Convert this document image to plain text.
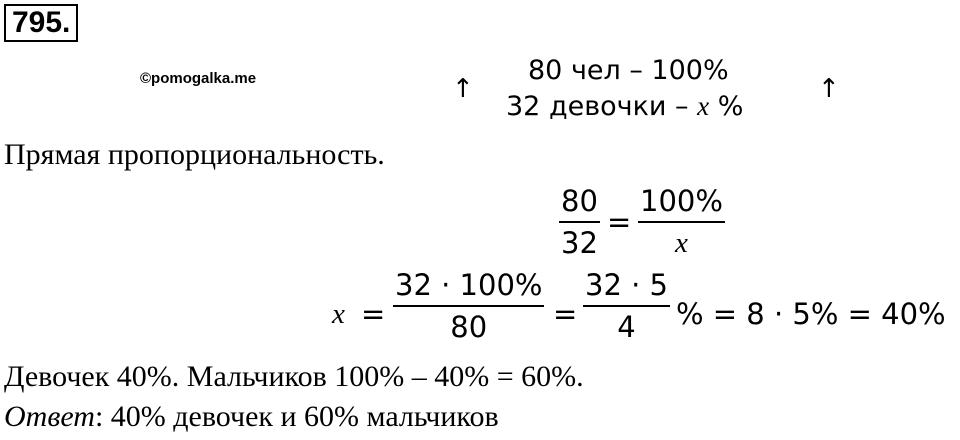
795.
©pomogalka.me	↑	↑
80 чел – 100%
32 девочки – x %
Прямая пропорциональность.
80
32
=
100%
x
x =
32 · 100%
80 =
32 · 5
4 % = 8 · 5% = 40%
Девочек 40%. Мальчиков 100% – 40% = 60%.
Ответ: 40% девочек и 60% мальчиков
